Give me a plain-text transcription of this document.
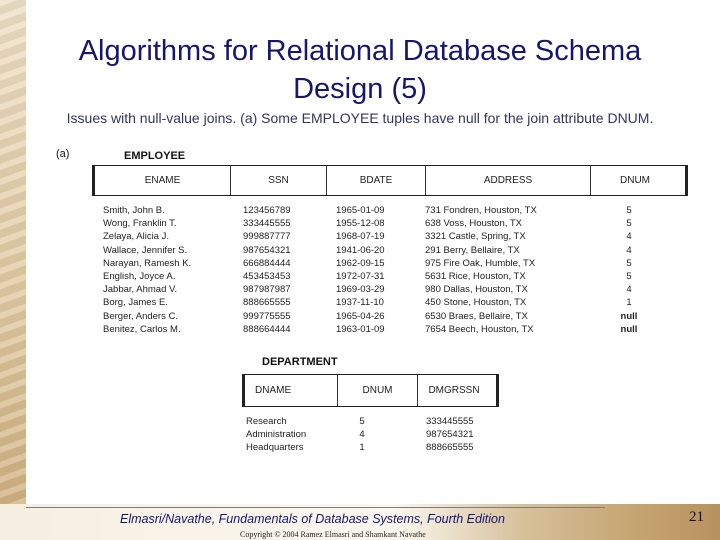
Algorithms for Relational Database Schema Design (5)

Issues with null-value joins. (a) Some EMPLOYEE tuples have null for the join attribute DNUM.

(a)	EMPLOYEE
ENAME	SSN	BDATE	ADDRESS	DNUM
Smith, John B.	123456789	1965-01-09	731 Fondren, Houston, TX	5
Wong, Franklin T.	333445555	1955-12-08	638 Voss, Houston, TX	5
Zelaya, Alicia J.	999887777	1968-07-19	3321 Castle, Spring, TX	4
Wallace, Jennifer S.	987654321	1941-06-20	291 Berry, Bellaire, TX	4
Narayan, Ramesh K.	666884444	1962-09-15	975 Fire Oak, Humble, TX	5
English, Joyce A.	453453453	1972-07-31	5631 Rice, Houston, TX	5
Jabbar, Ahmad V.	987987987	1969-03-29	980 Dallas, Houston, TX	4
Borg, James E.	888665555	1937-11-10	450 Stone, Houston, TX	1
Berger, Anders C.	999775555	1965-04-26	6530 Braes, Bellaire, TX	null
Benitez, Carlos M.	888664444	1963-01-09	7654 Beech, Houston, TX	null
DEPARTMENT
DNAME	DNUM	DMGRSSN
Research	5	333445555
Administration	4	987654321
Headquarters	1	888665555
Elmasri/Navathe, Fundamentals of Database Systems, Fourth Edition
Copyright © 2004 Ramez Elmasri and Shamkant Navathe
21
